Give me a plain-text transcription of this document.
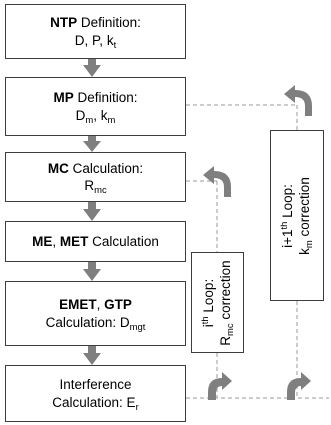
NTP Definition:
D, P, $k_t$
MP Definition:
$D_m$, $k_m$
MC Calculation:
$R_{mc}$
ME, MET Calculation
EMET, GTP
Calculation: $D_{mgt}$
Interference
Calculation: $E_r$
$i^{th}$ Loop:
$R_{mc}$ correction
i+1th Loop:
$k_m$ correction
